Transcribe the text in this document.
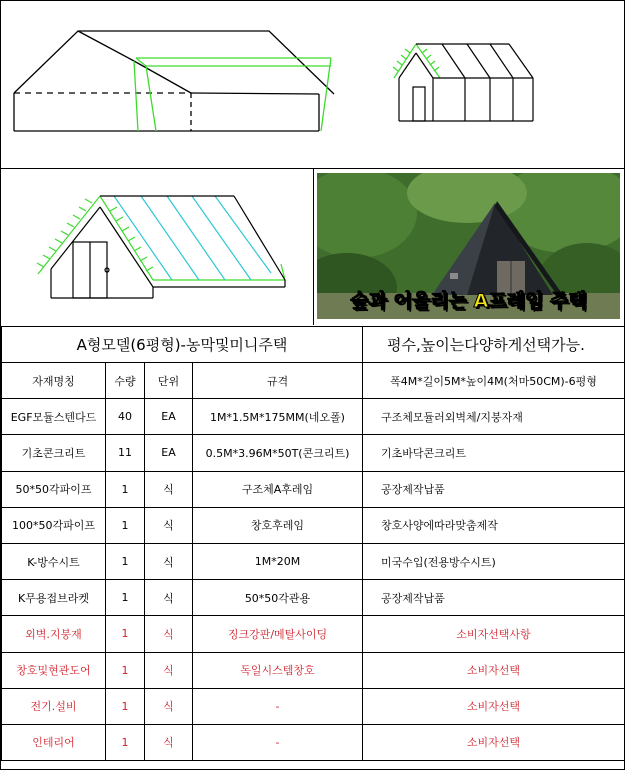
숲과 어울리는 A프레임 주택
A형모델(6평형)-농막및미니주택				평수,높이는다양하게선택가능.
자재명칭	수량	단위	규격	폭4M*길이5M*높이4M(처마50CM)-6평형
EGF모듈스텐다드	40	EA	1M*1.5M*175MM(네오폴)	구조체모듈러외벽체/지붕자재
기초콘크리트	11	EA	0.5M*3.96M*50T(콘크리트)	기초바닥콘크리트
50*50각파이프	1	식	구조체A후레임	공장제작납품
100*50각파이프	1	식	창호후레임	창호사양에따라맞춤제작
K-방수시트	1	식	1M*20M	미국수입(전용방수시트)
K무용접브라켓	1	식	50*50각관용	공장제작납품
외벽.지붕재	1	식	징크강판/메탈사이딩	소비자선택사항
창호및현관도어	1	식	독일시스템창호	소비자선택
전기.설비	1	식	-	소비자선택
인테리어	1	식	-	소비자선택
